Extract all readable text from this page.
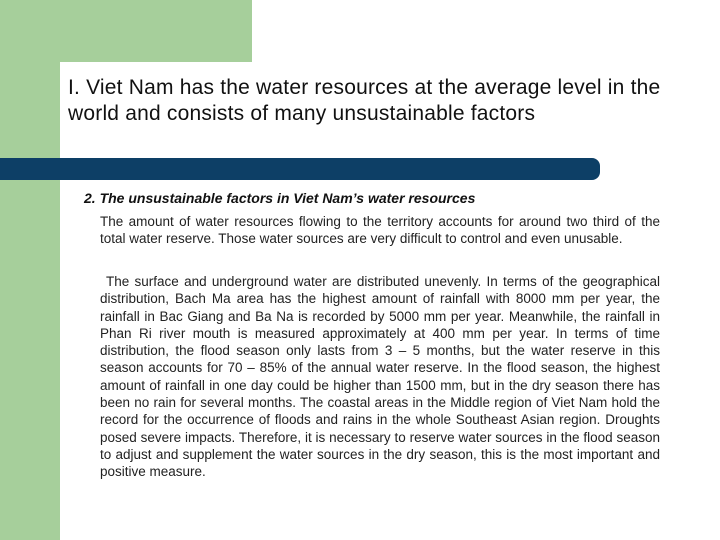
I. Viet Nam has the water resources at the average level in the world and consists of many unsustainable factors
2. The unsustainable factors in Viet Nam’s water resources

The amount of water resources flowing to the territory accounts for around two third of the total water reserve. Those water sources are very difficult to control and even unusable.

The surface and underground water are distributed unevenly. In terms of the geographical distribution, Bach Ma area has the highest amount of rainfall with 8000 mm per year, the rainfall in Bac Giang and Ba Na is recorded by 5000 mm per year. Meanwhile, the rainfall in Phan Ri river mouth is measured approximately at 400 mm per year. In terms of time distribution, the flood season only lasts from 3 – 5 months, but the water reserve in this season accounts for 70 – 85% of the annual water reserve. In the flood season, the highest amount of rainfall in one day could be higher than 1500 mm, but in the dry season there has been no rain for several months. The coastal areas in the Middle region of Viet Nam hold the record for the occurrence of floods and rains in the whole Southeast Asian region. Droughts posed severe impacts. Therefore, it is necessary to reserve water sources in the flood season to adjust and supplement the water sources in the dry season, this is the most important and positive measure.
